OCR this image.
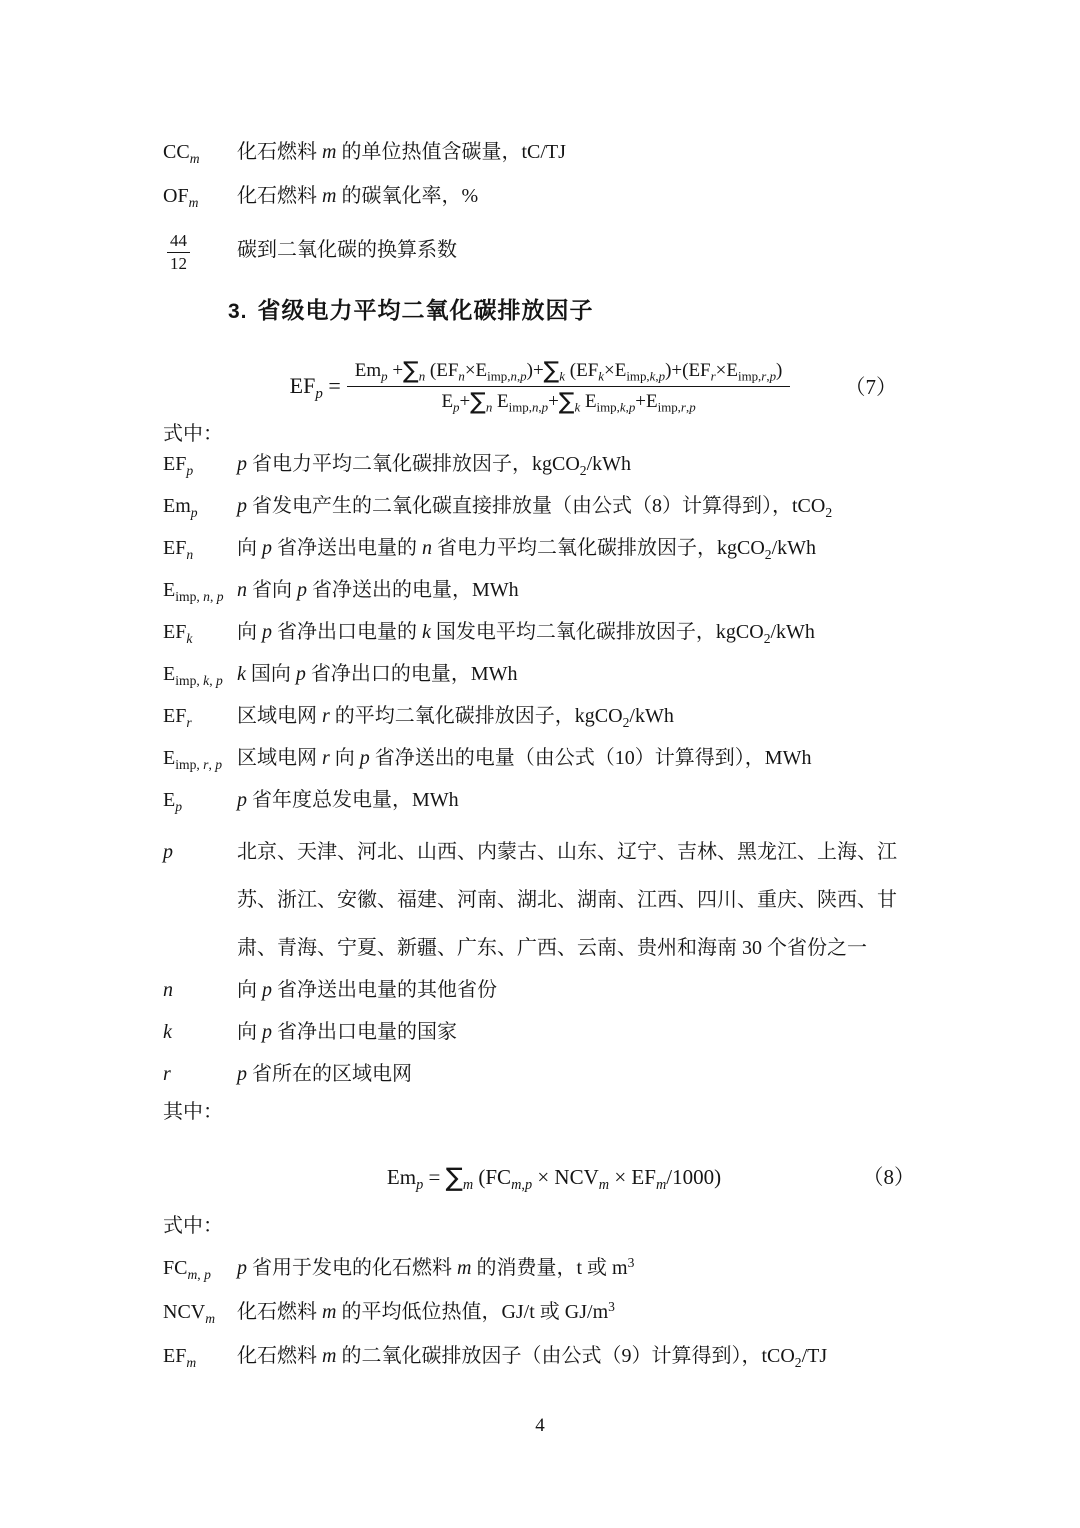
$CC_m$	化石燃料 m 的单位热值含碳量，tC/TJ
$OF_m$	化石燃料 m 的碳氧化率，%
$\frac{44}{12}$ 碳到二氧化碳的换算系数
3. 省级电力平均二氧化碳排放因子
$EF_p = \frac{Em_p +\sum_n (EF_n\times E_{imp,n,p})+\sum_k (EF_k\times E_{imp,k,p})+(EF_r\times E_{imp,r,p})}{E_p+\sum_n E_{imp,n,p}+\sum_k E_{imp,k,p}+E_{imp,r,p}}$	（7）
式中：
$EF_p$	p 省电力平均二氧化碳排放因子，kgCO$_2$/kWh
$Em_p$	p 省发电产生的二氧化碳直接排放量（由公式（8）计算得到），tCO$_2$
$EF_n$	向 p 省净送出电量的 n 省电力平均二氧化碳排放因子，kgCO$_2$/kWh
$E_{imp,}$ $_{n,}$ $_p$ n 省向 p 省净送出的电量，MWh
$EF_k$	向 p 省净出口电量的 k 国发电平均二氧化碳排放因子，kgCO$_2$/kWh
$E_{imp,}$ $_{k,}$ $_p$ k 国向 p 省净出口的电量，MWh
$EF_r$	区域电网 r 的平均二氧化碳排放因子，kgCO$_2$/kWh
$E_{imp,}$ $_{r,}$ $_p$ 区域电网 r 向 p 省净送出的电量（由公式（10）计算得到），MWh
$E_p$	p 省年度总发电量，MWh
p	北京、天津、河北、山西、内蒙古、山东、辽宁、吉林、黑龙江、上海、江苏、浙江、安徽、福建、河南、湖北、湖南、江西、四川、重庆、陕西、甘肃、青海、宁夏、新疆、广东、广西、云南、贵州和海南 30 个省份之一
n	向 p 省净送出电量的其他省份
k	向 p 省净出口电量的国家
r	p 省所在的区域电网
其中：
$Em_p = \sum_m$ $(FC_{m,p} \times NCV_m \times EF_m/1000)$	（8）
式中：
$FC_{m,}$ $_p$	p 省用于发电的化石燃料 m 的消费量，t 或 $m^3$
$NCV_m$	化石燃料 m 的平均低位热值，GJ/t 或 $GJ/m^3$
$EF_m$	化石燃料 m 的二氧化碳排放因子（由公式（9）计算得到），tCO$_2$/TJ
4
